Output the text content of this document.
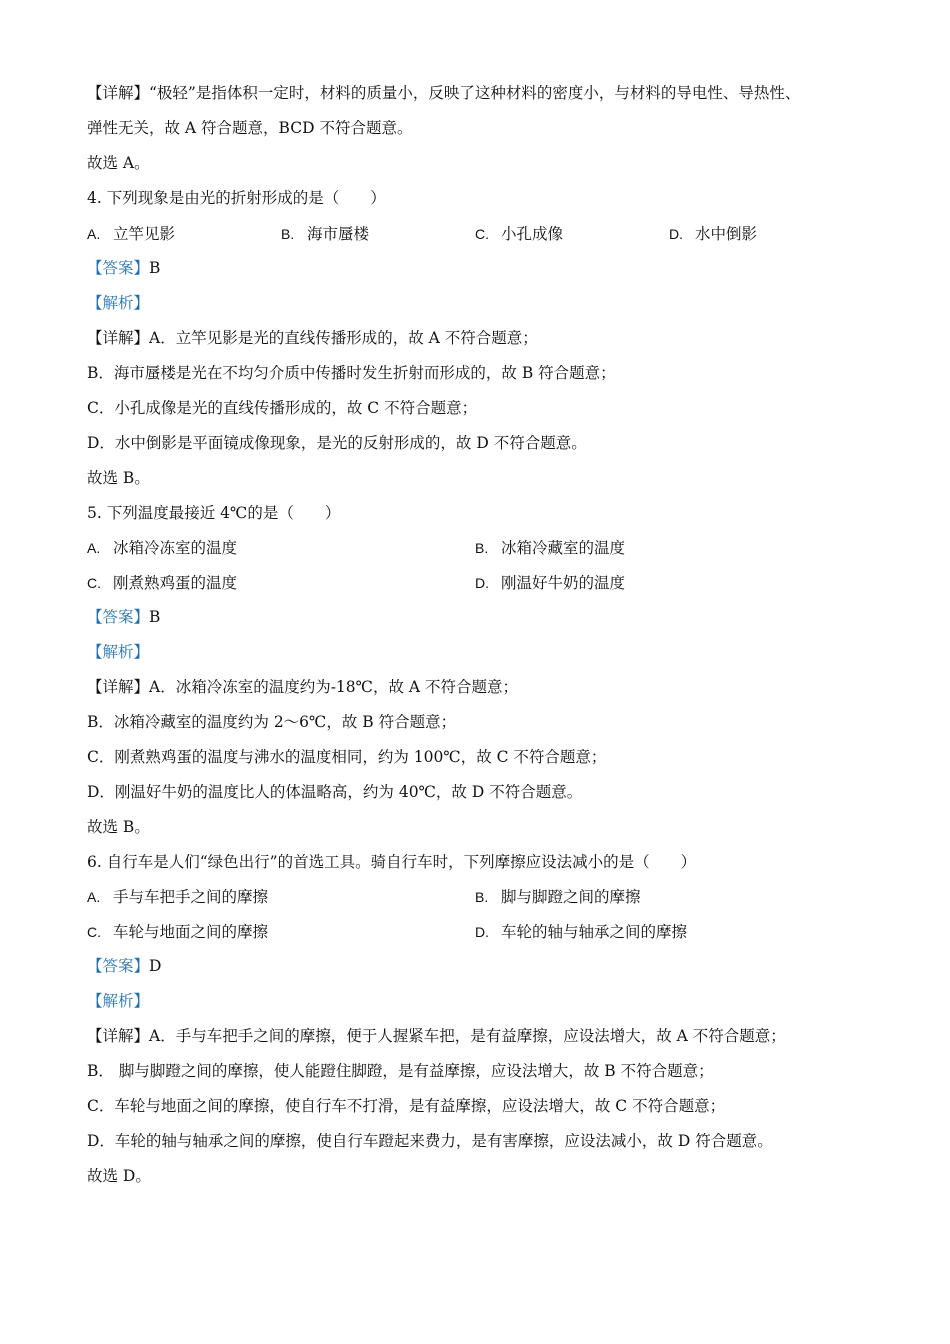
【详解】“极轻”是指体积一定时，材料的质量小，反映了这种材料的密度小，与材料的导电性、导热性、
弹性无关，故 A 符合题意，BCD 不符合题意。
故选 A。
4. 下列现象是由光的折射形成的是（　　）
A. 立竿见影	B. 海市蜃楼	C. 小孔成像	D. 水中倒影
【答案】B
【解析】
【详解】A．立竿见影是光的直线传播形成的，故 A 不符合题意；
B．海市蜃楼是光在不均匀介质中传播时发生折射而形成的，故 B 符合题意；
C．小孔成像是光的直线传播形成的，故 C 不符合题意；
D．水中倒影是平面镜成像现象，是光的反射形成的，故 D 不符合题意。
故选 B。
5. 下列温度最接近 4℃的是（　　）
A. 冰箱冷冻室的温度	B. 冰箱冷藏室的温度
C. 刚煮熟鸡蛋的温度	D. 刚温好牛奶的温度
【答案】B
【解析】
【详解】A．冰箱冷冻室的温度约为-18℃，故 A 不符合题意；
B．冰箱冷藏室的温度约为 2～6℃，故 B 符合题意；
C．刚煮熟鸡蛋的温度与沸水的温度相同，约为 100℃，故 C 不符合题意；
D．刚温好牛奶的温度比人的体温略高，约为 40℃，故 D 不符合题意。
故选 B。
6. 自行车是人们“绿色出行”的首选工具。骑自行车时，下列摩擦应设法减小的是（　　）
A. 手与车把手之间的摩擦	B. 脚与脚蹬之间的摩擦
C. 车轮与地面之间的摩擦	D. 车轮的轴与轴承之间的摩擦
【答案】D
【解析】
【详解】A．手与车把手之间的摩擦，便于人握紧车把，是有益摩擦，应设法增大，故 A 不符合题意；
B． 脚与脚蹬之间的摩擦，使人能蹬住脚蹬，是有益摩擦，应设法增大，故 B 不符合题意；
C．车轮与地面之间的摩擦，使自行车不打滑，是有益摩擦，应设法增大，故 C 不符合题意；
D．车轮的轴与轴承之间的摩擦，使自行车蹬起来费力，是有害摩擦，应设法减小，故 D 符合题意。
故选 D。
